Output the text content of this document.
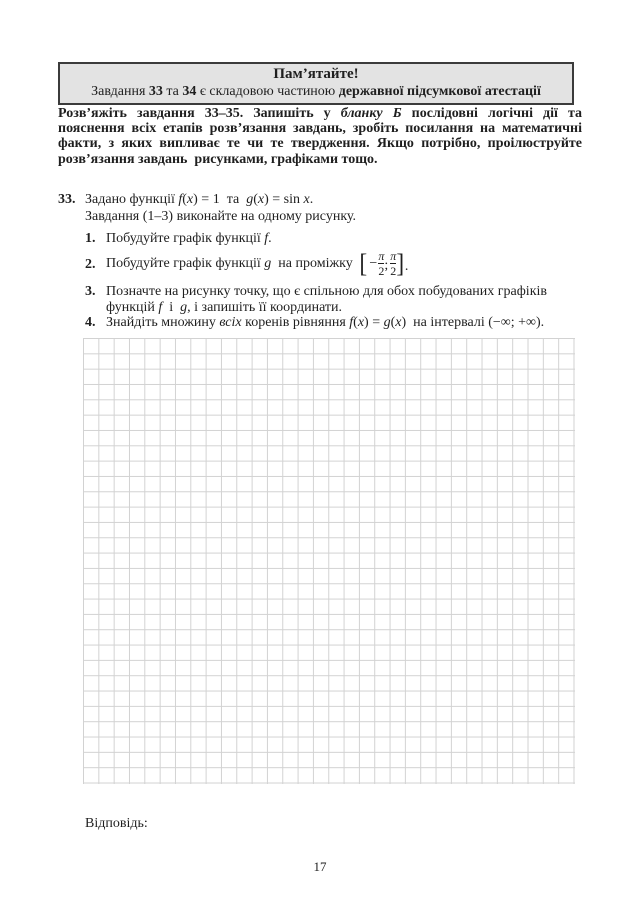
Пам’ятайте!
Завдання 33 та 34 є складовою частиною державної підсумкової атестації

Розв’яжіть завдання 33–35. Запишіть у бланку Б послідовні логічні дії та пояснення всіх етапів розв’язання завдань, зробіть посилання на математичні факти, з яких випливає те чи те твердження. Якщо потрібно, проілюструйте розв’язання завдань  рисунками, графіками тощо.

33. Задано функції f(x) = 1  та  g(x) = sin x.
Завдання (1–3) виконайте на одному рисунку.
1. Побудуйте графік функції f.
2. Побудуйте графік функції g  на проміжку [ − $\frac{\pi}{2}$ ; $\frac{\pi}{2}$ ] .
3. Позначте на рисунку точку, що є спільною для обох побудованих графіків функцій f  і  g, і запишіть її координати.
4. Знайдіть множину всіх коренів рівняння f(x) = g(x)  на інтервалі (−∞; +∞).
Відповідь:
17
